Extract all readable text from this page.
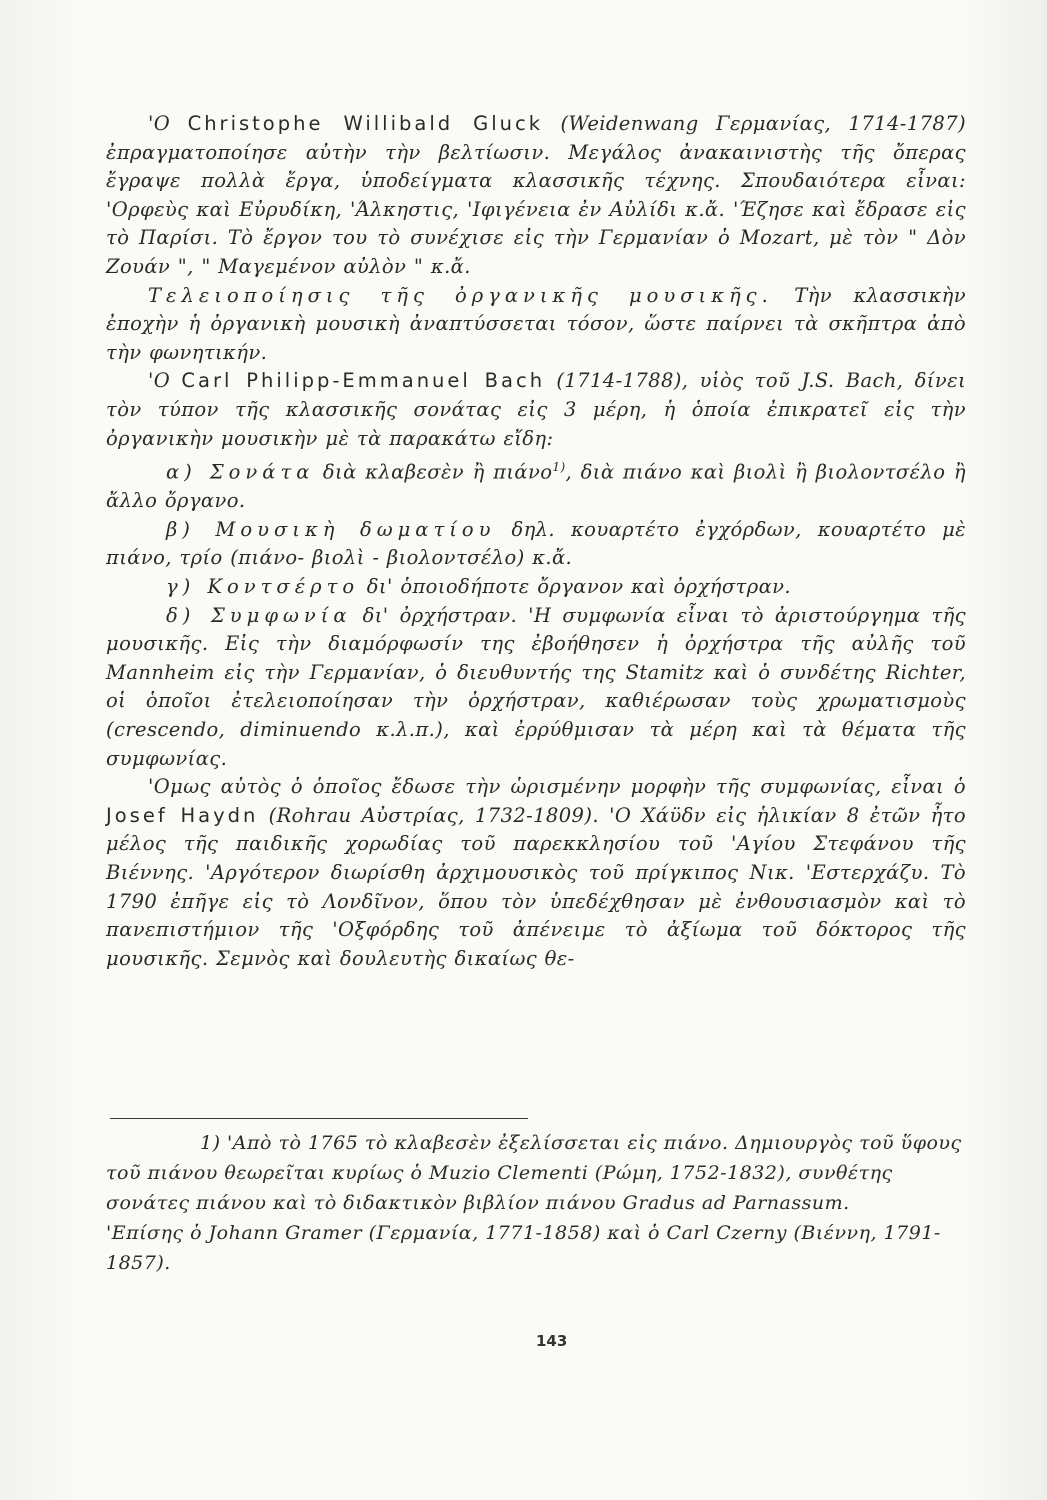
'Ο Christophe Willibald Gluck (Weidenwang Γερμανίας, 1714-1787) ἐπραγματοποίησε αὐτὴν τὴν βελτίωσιν. Μεγάλος ἀνακαινιστὴς τῆς ὄπερας ἔγραψε πολλὰ ἔργα, ὑποδείγματα κλασσικῆς τέχνης. Σπουδαιότερα εἶναι: 'Ορφεὺς καὶ Εὐρυδίκη, 'Άλκηστις, 'Ιφιγένεια ἐν Αὐλίδι κ.ἄ. 'Έζησε καὶ ἔδρασε εἰς τὸ Παρίσι. Τὸ ἔργον του τὸ συνέχισε εἰς τὴν Γερμανίαν ὁ Mozart, μὲ τὸν " Δὸν Ζουάν ", " Μαγεμένον αὐλὸν " κ.ἄ.

Τελειοποίησις τῆς ὀργανικῆς μουσικῆς. Τὴν κλασσικὴν ἐποχὴν ἡ ὀργανικὴ μουσικὴ ἀναπτύσσεται τόσον, ὥστε παίρνει τὰ σκῆπτρα ἀπὸ τὴν φωνητικήν.

'Ο Carl Philipp-Emmanuel Bach (1714-1788), υἱὸς τοῦ J.S. Bach, δίνει τὸν τύπον τῆς κλασσικῆς σονάτας εἰς 3 μέρη, ἡ ὁποία ἐπικρατεῖ εἰς τὴν ὀργανικὴν μουσικὴν μὲ τὰ παρακάτω εἴδη:

α) Σονάτα διὰ κλαβεσὲν ἢ πιάνο$^{1)}$, διὰ πιάνο καὶ βιολὶ ἢ βιολοντσέλο ἢ ἄλλο ὄργανο.

β) Μουσικὴ δωματίου δηλ. κουαρτέτο ἐγχόρδων, κουαρτέτο μὲ πιάνο, τρίο (πιάνο- βιολὶ - βιολοντσέλο) κ.ἄ.

γ) Κοντσέρτο δι' ὁποιοδήποτε ὄργανον καὶ ὀρχήστραν.

δ) Συμφωνία δι' ὀρχήστραν. 'Η συμφωνία εἶναι τὸ ἀριστούργημα τῆς μουσικῆς. Εἰς τὴν διαμόρφωσίν της ἐβοήθησεν ἡ ὀρχήστρα τῆς αὐλῆς τοῦ Mannheim εἰς τὴν Γερμανίαν, ὁ διευθυντής της Stamitz καὶ ὁ συνδέτης Richter, οἱ ὁποῖοι ἐτελειοποίησαν τὴν ὀρχήστραν, καθιέρωσαν τοὺς χρωματισμοὺς (crescendo, diminuendo κ.λ.π.), καὶ ἐρρύθμισαν τὰ μέρη καὶ τὰ θέματα τῆς συμφωνίας.

'Ομως αὐτὸς ὁ ὁποῖος ἔδωσε τὴν ὡρισμένην μορφὴν τῆς συμφωνίας, εἶναι ὁ Josef Haydn (Rohrau Αὐστρίας, 1732-1809). 'Ο Χάϋδν εἰς ἡλικίαν 8 ἐτῶν ἦτο μέλος τῆς παιδικῆς χορωδίας τοῦ παρεκκλησίου τοῦ 'Αγίου Στεφάνου τῆς Βιέννης. 'Αργότερον διωρίσθη ἀρχιμουσικὸς τοῦ πρίγκιπος Νικ. 'Εστερχάζυ. Τὸ 1790 ἐπῆγε εἰς τὸ Λονδῖνον, ὅπου τὸν ὑπεδέχθησαν μὲ ἐνθουσιασμὸν καὶ τὸ πανεπιστήμιον τῆς 'Οξφόρδης τοῦ ἀπένειμε τὸ ἀξίωμα τοῦ δόκτορος τῆς μουσικῆς. Σεμνὸς καὶ δουλευτὴς δικαίως θε-

1) 'Απὸ τὸ 1765 τὸ κλαβεσὲν ἐξελίσσεται εἰς πιάνο. Δημιουργὸς τοῦ ὕφους τοῦ πιάνου θεωρεῖται κυρίως ὁ Muzio Clementi (Ρώμη, 1752-1832), συνθέτης σονάτες πιάνου καὶ τὸ διδακτικὸν βιβλίον πιάνου Gradus ad Parnassum.

'Επίσης ὁ Johann Gramer (Γερμανία, 1771-1858) καὶ ὁ Carl Czerny (Βιέννη, 1791-1857).

143
